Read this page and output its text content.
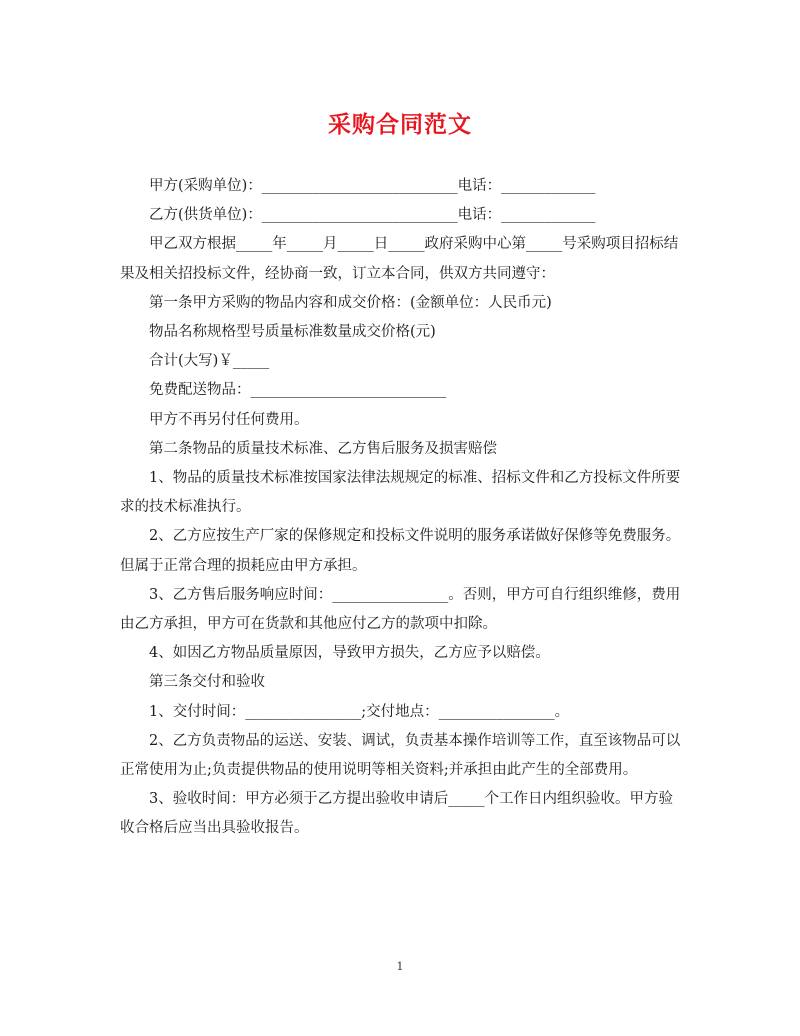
采购合同范文

甲方(采购单位)：___________________________电话：_____________

乙方(供货单位)：___________________________电话：_____________

甲乙双方根据_____年_____月_____日_____政府采购中心第_____号采购项目招标结果及相关招投标文件，经协商一致，订立本合同，供双方共同遵守：

第一条甲方采购的物品内容和成交价格：(金额单位：人民币元)

物品名称规格型号质量标准数量成交价格(元)

合计(大写)￥_____

免费配送物品：___________________________

甲方不再另付任何费用。

第二条物品的质量技术标准、乙方售后服务及损害赔偿

1、物品的质量技术标准按国家法律法规规定的标准、招标文件和乙方投标文件所要求的技术标准执行。

2、乙方应按生产厂家的保修规定和投标文件说明的服务承诺做好保修等免费服务。但属于正常合理的损耗应由甲方承担。

3、乙方售后服务响应时间：________________。否则，甲方可自行组织维修，费用由乙方承担，甲方可在货款和其他应付乙方的款项中扣除。

4、如因乙方物品质量原因，导致甲方损失，乙方应予以赔偿。

第三条交付和验收

1、交付时间：________________;交付地点：________________。

2、乙方负责物品的运送、安装、调试，负责基本操作培训等工作，直至该物品可以正常使用为止;负责提供物品的使用说明等相关资料;并承担由此产生的全部费用。

3、验收时间：甲方必须于乙方提出验收申请后_____个工作日内组织验收。甲方验收合格后应当出具验收报告。

1
